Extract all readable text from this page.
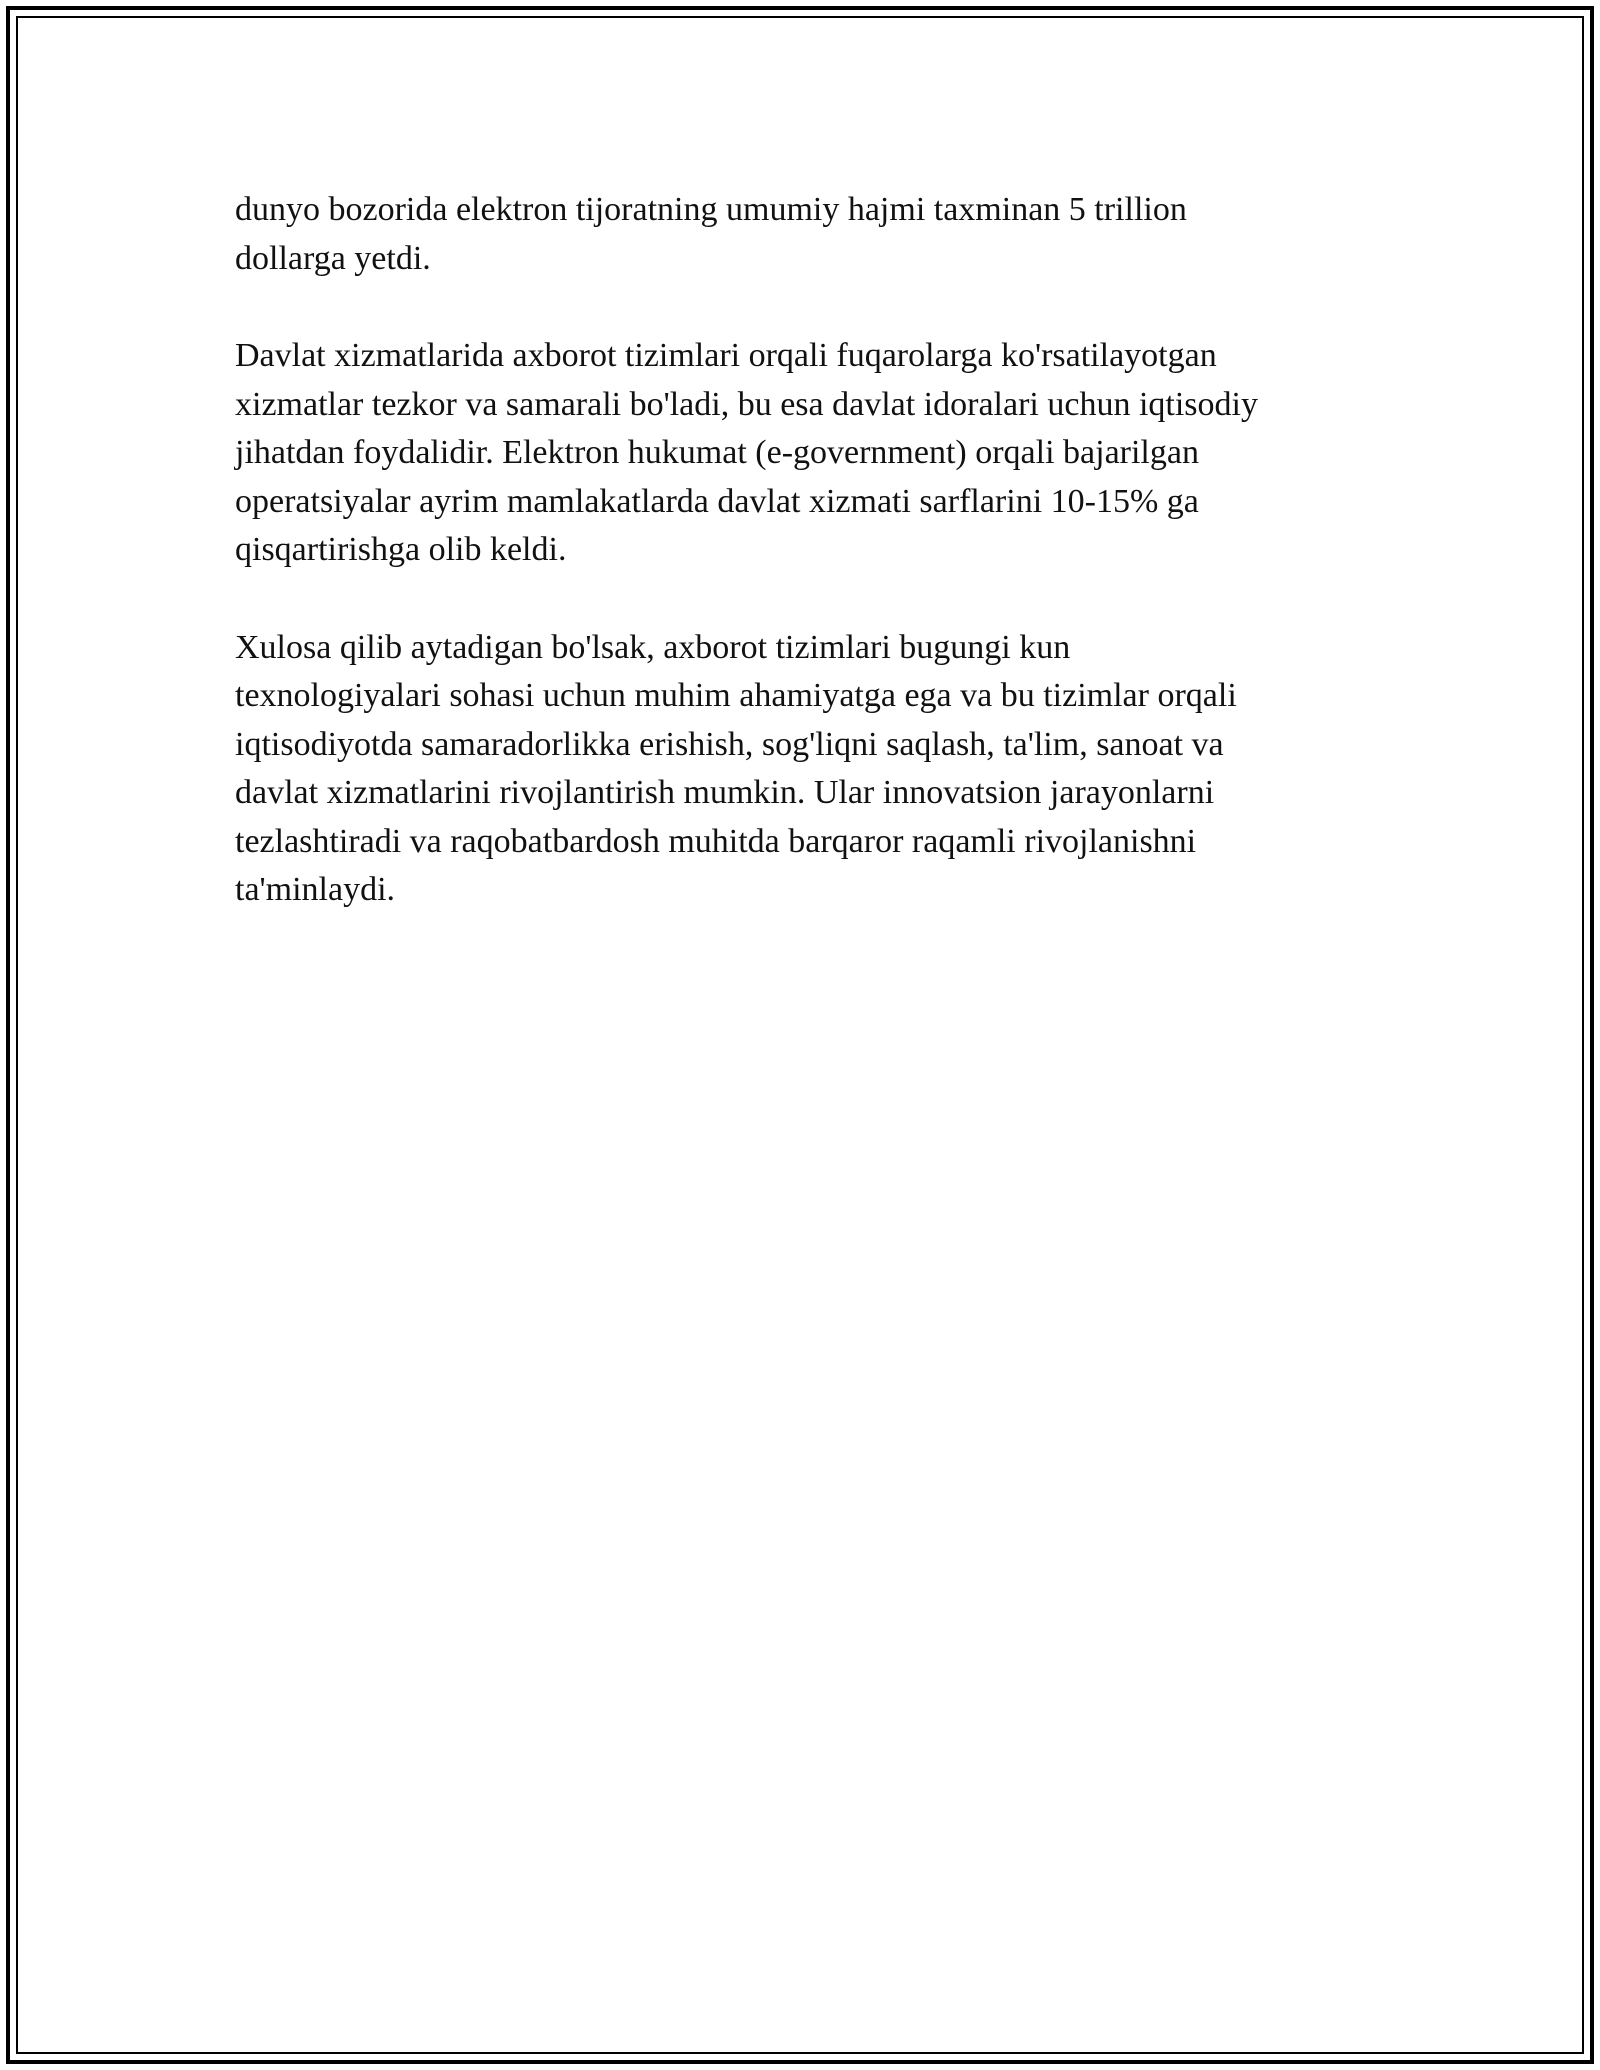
dunyo bozorida elektron tijoratning umumiy hajmi taxminan 5 trillion
dollarga yetdi.

Davlat xizmatlarida axborot tizimlari orqali fuqarolarga ko'rsatilayotgan
xizmatlar tezkor va samarali bo'ladi, bu esa davlat idoralari uchun iqtisodiy
jihatdan foydalidir. Elektron hukumat (e-government) orqali bajarilgan
operatsiyalar ayrim mamlakatlarda davlat xizmati sarflarini 10-15% ga
qisqartirishga olib keldi.

Xulosa qilib aytadigan bo'lsak, axborot tizimlari bugungi kun
texnologiyalari sohasi uchun muhim ahamiyatga ega va bu tizimlar orqali
iqtisodiyotda samaradorlikka erishish, sog'liqni saqlash, ta'lim, sanoat va
davlat xizmatlarini rivojlantirish mumkin. Ular innovatsion jarayonlarni
tezlashtiradi va raqobatbardosh muhitda barqaror raqamli rivojlanishni
ta'minlaydi.
